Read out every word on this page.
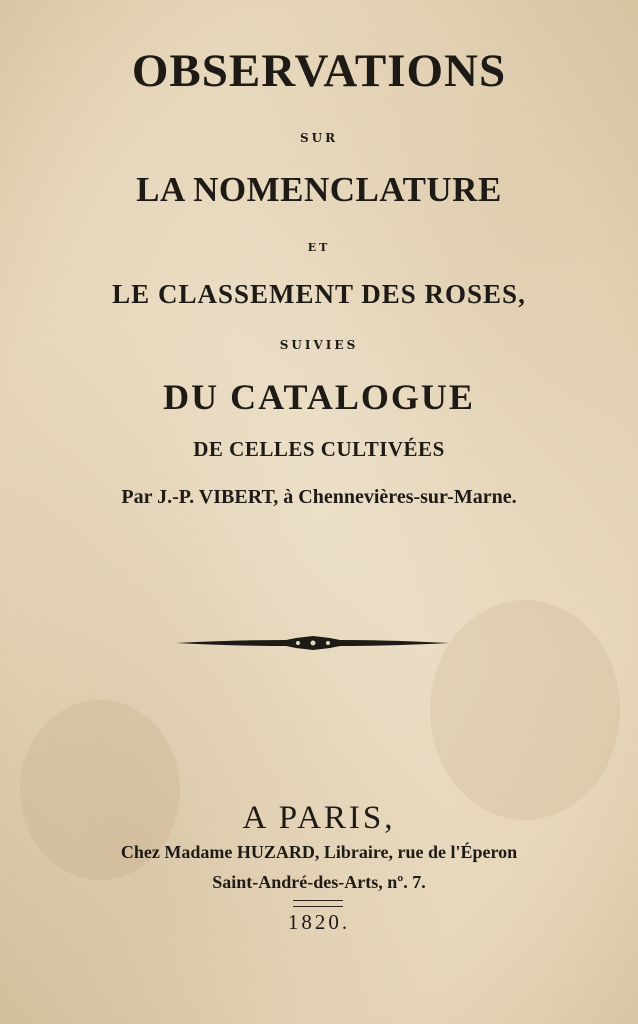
OBSERVATIONS
SUR
LA NOMENCLATURE
ET
LE CLASSEMENT DES ROSES,
SUIVIES
DU CATALOGUE
DE CELLES CULTIVÉES
Par J.-P. VIBERT, à Chennevières-sur-Marne.
A PARIS,
Chez Madame HUZARD, Libraire, rue de l'Éperon
Saint-André-des-Arts, nº. 7.
1820.
